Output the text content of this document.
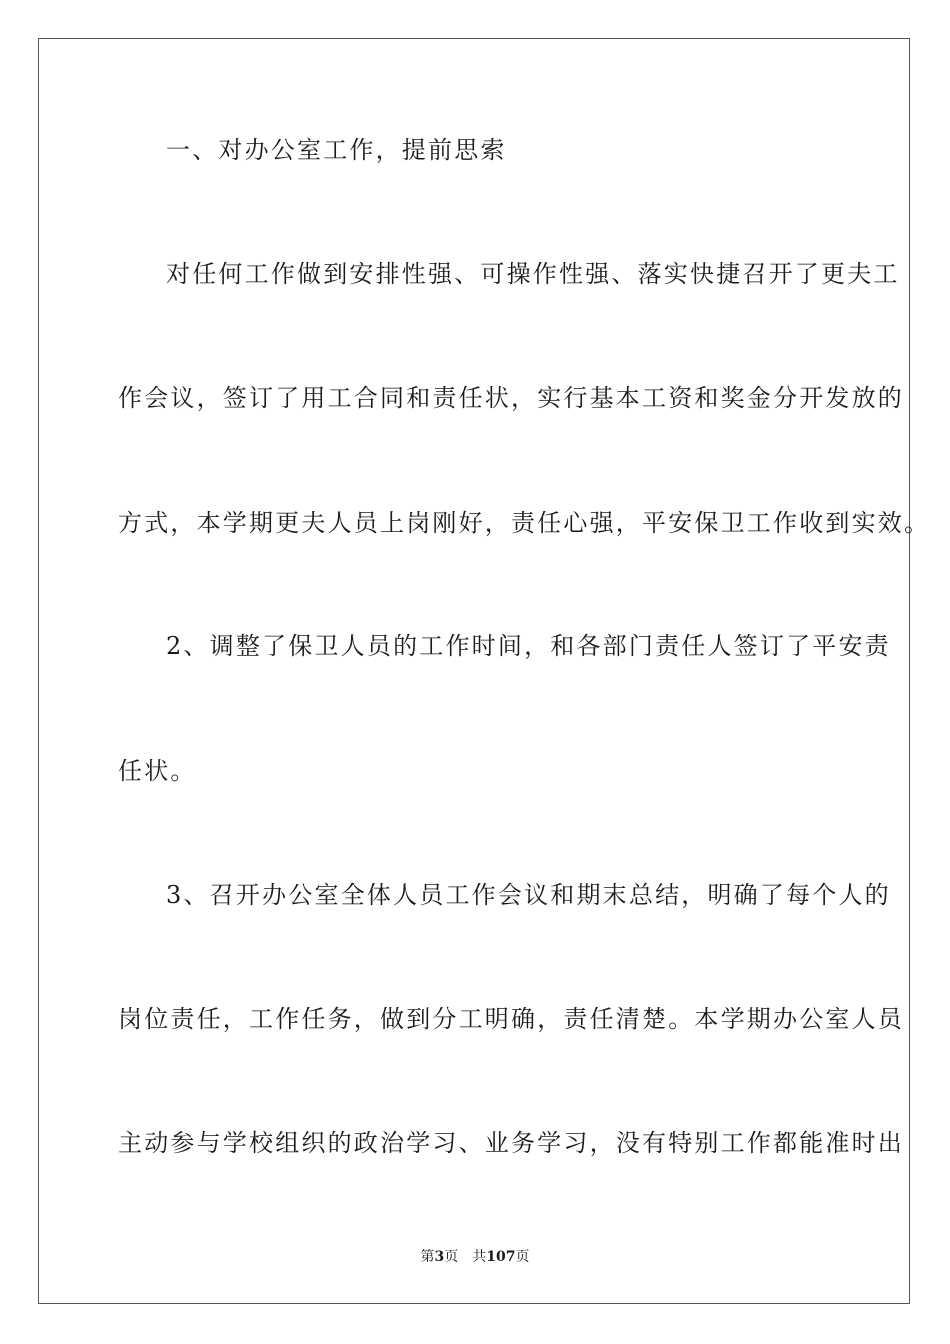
一、对办公室工作，提前思索

对任何工作做到安排性强、可操作性强、落实快捷召开了更夫工

作会议，签订了用工合同和责任状，实行基本工资和奖金分开发放的

方式，本学期更夫人员上岗刚好，责任心强，平安保卫工作收到实效。

2、调整了保卫人员的工作时间，和各部门责任人签订了平安责

任状。

3、召开办公室全体人员工作会议和期末总结，明确了每个人的

岗位责任，工作任务，做到分工明确，责任清楚。本学期办公室人员

主动参与学校组织的政治学习、业务学习，没有特别工作都能准时出

第3页 共107页
